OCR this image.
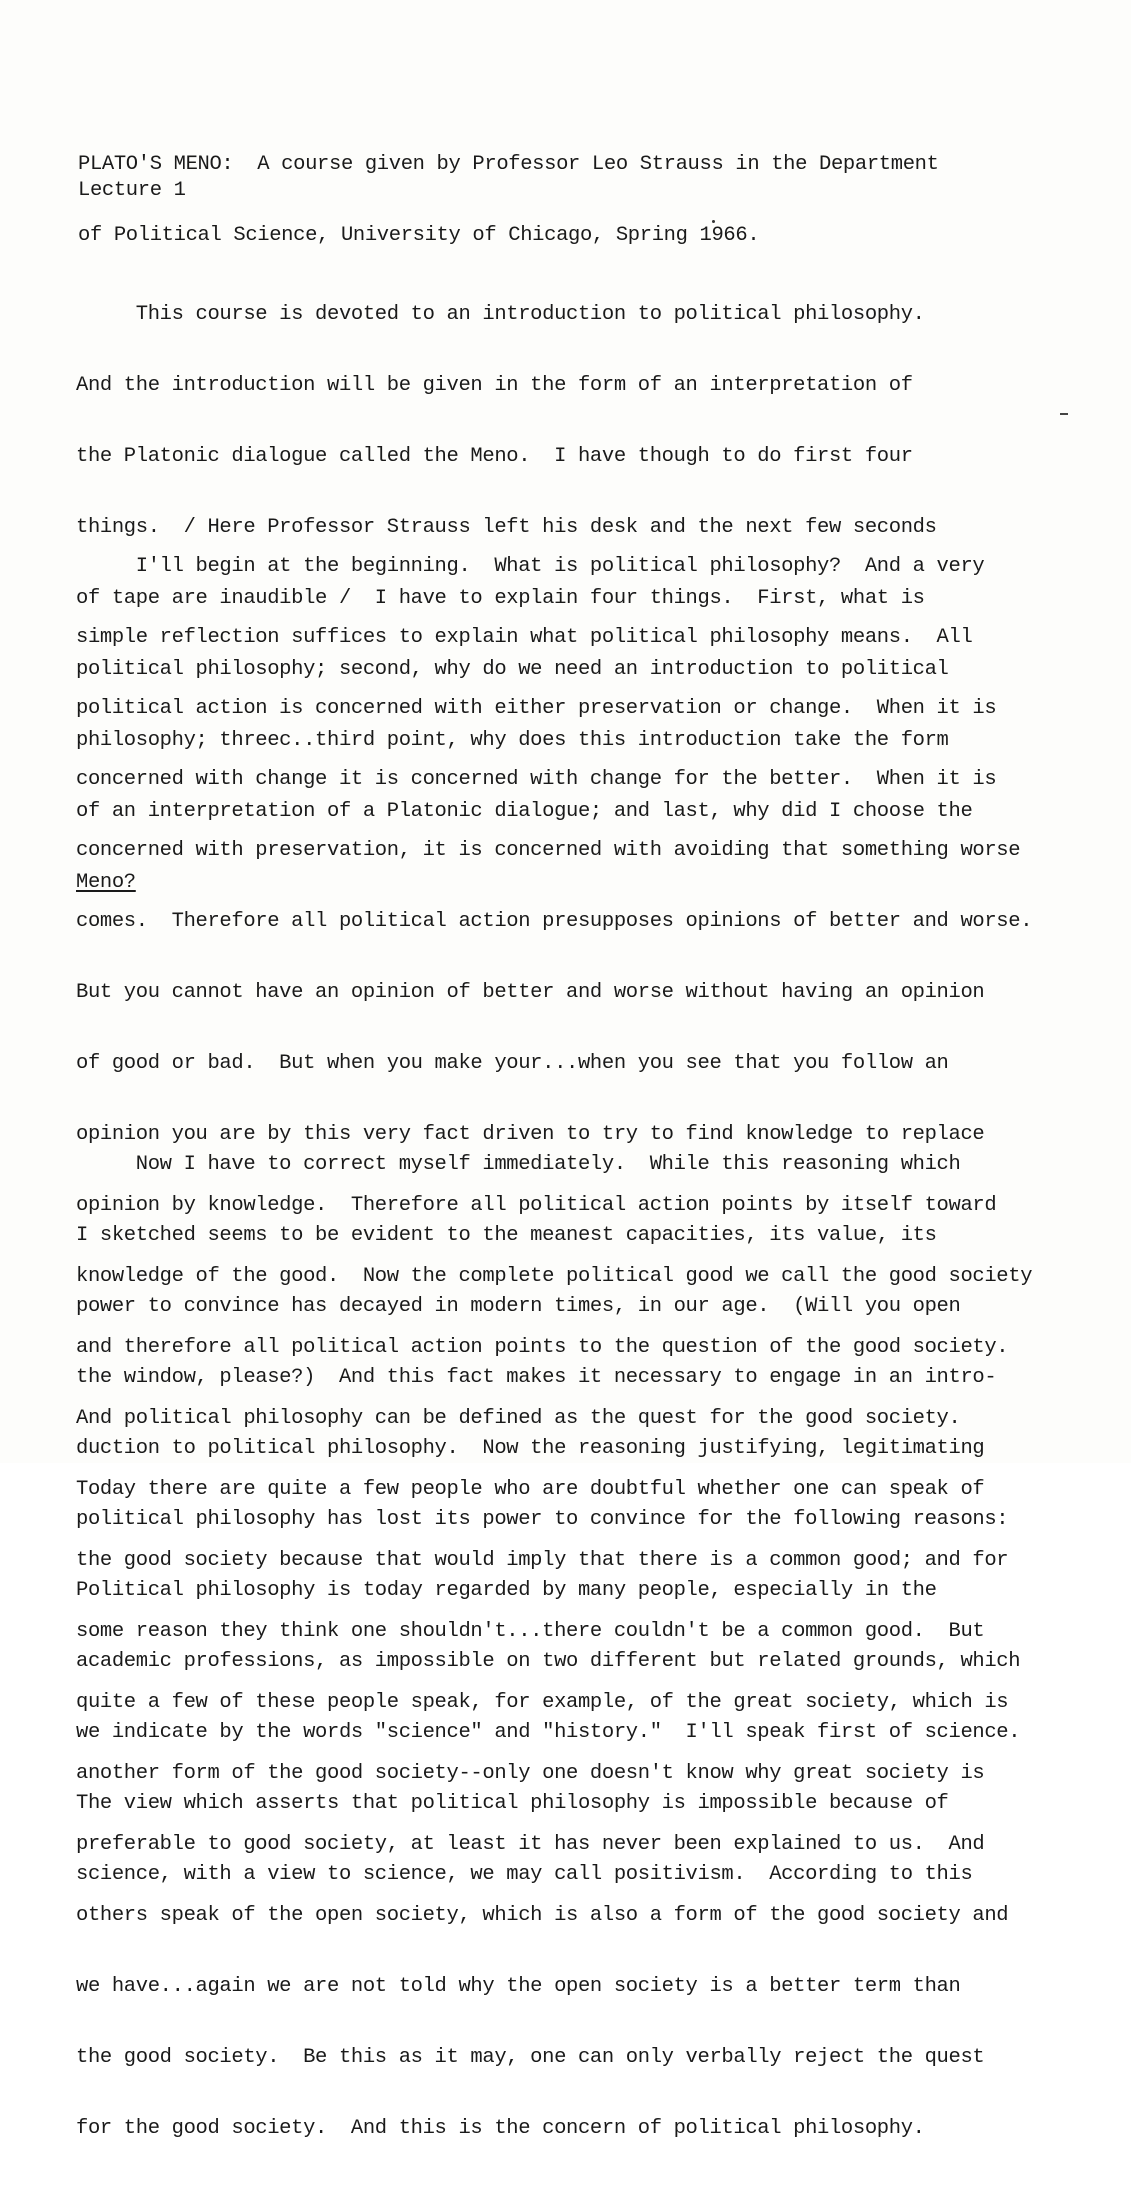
PLATO'S MENO:  A course given by Professor Leo Strauss in the Department

of Political Science, University of Chicago, Spring 1966.

Lecture 1

This course is devoted to an introduction to political philosophy.

And the introduction will be given in the form of an interpretation of

the Platonic dialogue called the Meno.  I have though to do first four

things.  / Here Professor Strauss left his desk and the next few seconds

of tape are inaudible /  I have to explain four things.  First, what is

political philosophy; second, why do we need an introduction to political

philosophy; threec..third point, why does this introduction take the form

of an interpretation of a Platonic dialogue; and last, why did I choose the

Meno?

I'll begin at the beginning.  What is political philosophy?  And a very

simple reflection suffices to explain what political philosophy means.  All

political action is concerned with either preservation or change.  When it is

concerned with change it is concerned with change for the better.  When it is

concerned with preservation, it is concerned with avoiding that something worse

comes.  Therefore all political action presupposes opinions of better and worse.

But you cannot have an opinion of better and worse without having an opinion

of good or bad.  But when you make your...when you see that you follow an

opinion you are by this very fact driven to try to find knowledge to replace

opinion by knowledge.  Therefore all political action points by itself toward

knowledge of the good.  Now the complete political good we call the good society

and therefore all political action points to the question of the good society.

And political philosophy can be defined as the quest for the good society.

Today there are quite a few people who are doubtful whether one can speak of

the good society because that would imply that there is a common good; and for

some reason they think one shouldn't...there couldn't be a common good.  But

quite a few of these people speak, for example, of the great society, which is

another form of the good society--only one doesn't know why great society is

preferable to good society, at least it has never been explained to us.  And

others speak of the open society, which is also a form of the good society and

we have...again we are not told why the open society is a better term than

the good society.  Be this as it may, one can only verbally reject the quest

for the good society.  And this is the concern of political philosophy.

Now I have to correct myself immediately.  While this reasoning which

I sketched seems to be evident to the meanest capacities, its value, its

power to convince has decayed in modern times, in our age.  (Will you open

the window, please?)  And this fact makes it necessary to engage in an intro-

duction to political philosophy.  Now the reasoning justifying, legitimating

political philosophy has lost its power to convince for the following reasons:

Political philosophy is today regarded by many people, especially in the

academic professions, as impossible on two different but related grounds, which

we indicate by the words "science" and "history."  I'll speak first of science.

The view which asserts that political philosophy is impossible because of

science, with a view to science, we may call positivism.  According to this
